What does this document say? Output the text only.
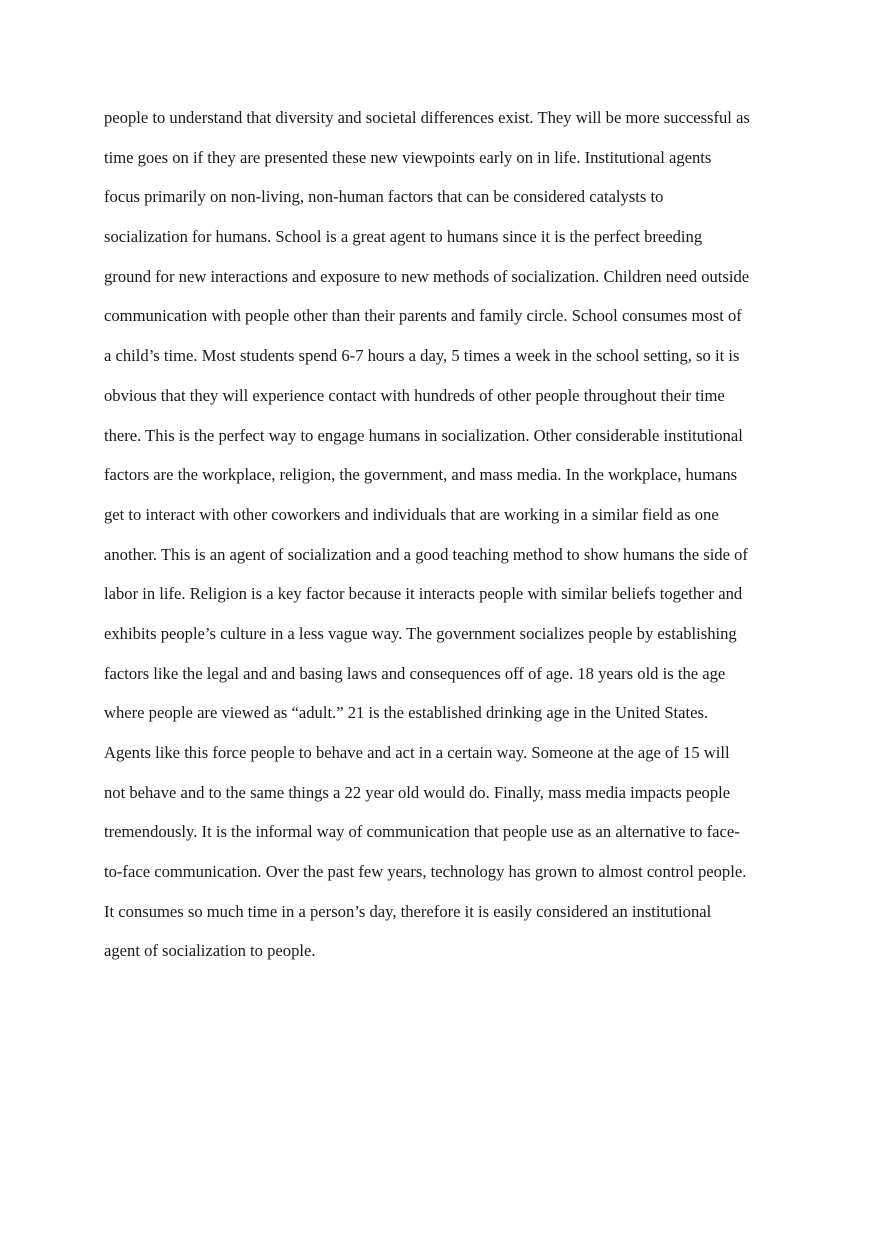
people to understand that diversity and societal differences exist. They will be more successful as
time goes on if they are presented these new viewpoints early on in life. Institutional agents
focus primarily on non-living, non-human factors that can be considered catalysts to
socialization for humans. School is a great agent to humans since it is the perfect breeding
ground for new interactions and exposure to new methods of socialization. Children need outside
communication with people other than their parents and family circle. School consumes most of
a child’s time. Most students spend 6-7 hours a day, 5 times a week in the school setting, so it is
obvious that they will experience contact with hundreds of other people throughout their time
there. This is the perfect way to engage humans in socialization. Other considerable institutional
factors are the workplace, religion, the government, and mass media. In the workplace, humans
get to interact with other coworkers and individuals that are working in a similar field as one
another. This is an agent of socialization and a good teaching method to show humans the side of
labor in life. Religion is a key factor because it interacts people with similar beliefs together and
exhibits people’s culture in a less vague way. The government socializes people by establishing
factors like the legal and and basing laws and consequences off of age. 18 years old is the age
where people are viewed as “adult.” 21 is the established drinking age in the United States.
Agents like this force people to behave and act in a certain way. Someone at the age of 15 will
not behave and to the same things a 22 year old would do. Finally, mass media impacts people
tremendously. It is the informal way of communication that people use as an alternative to face-
to-face communication. Over the past few years, technology has grown to almost control people.
It consumes so much time in a person’s day, therefore it is easily considered an institutional
agent of socialization to people.
